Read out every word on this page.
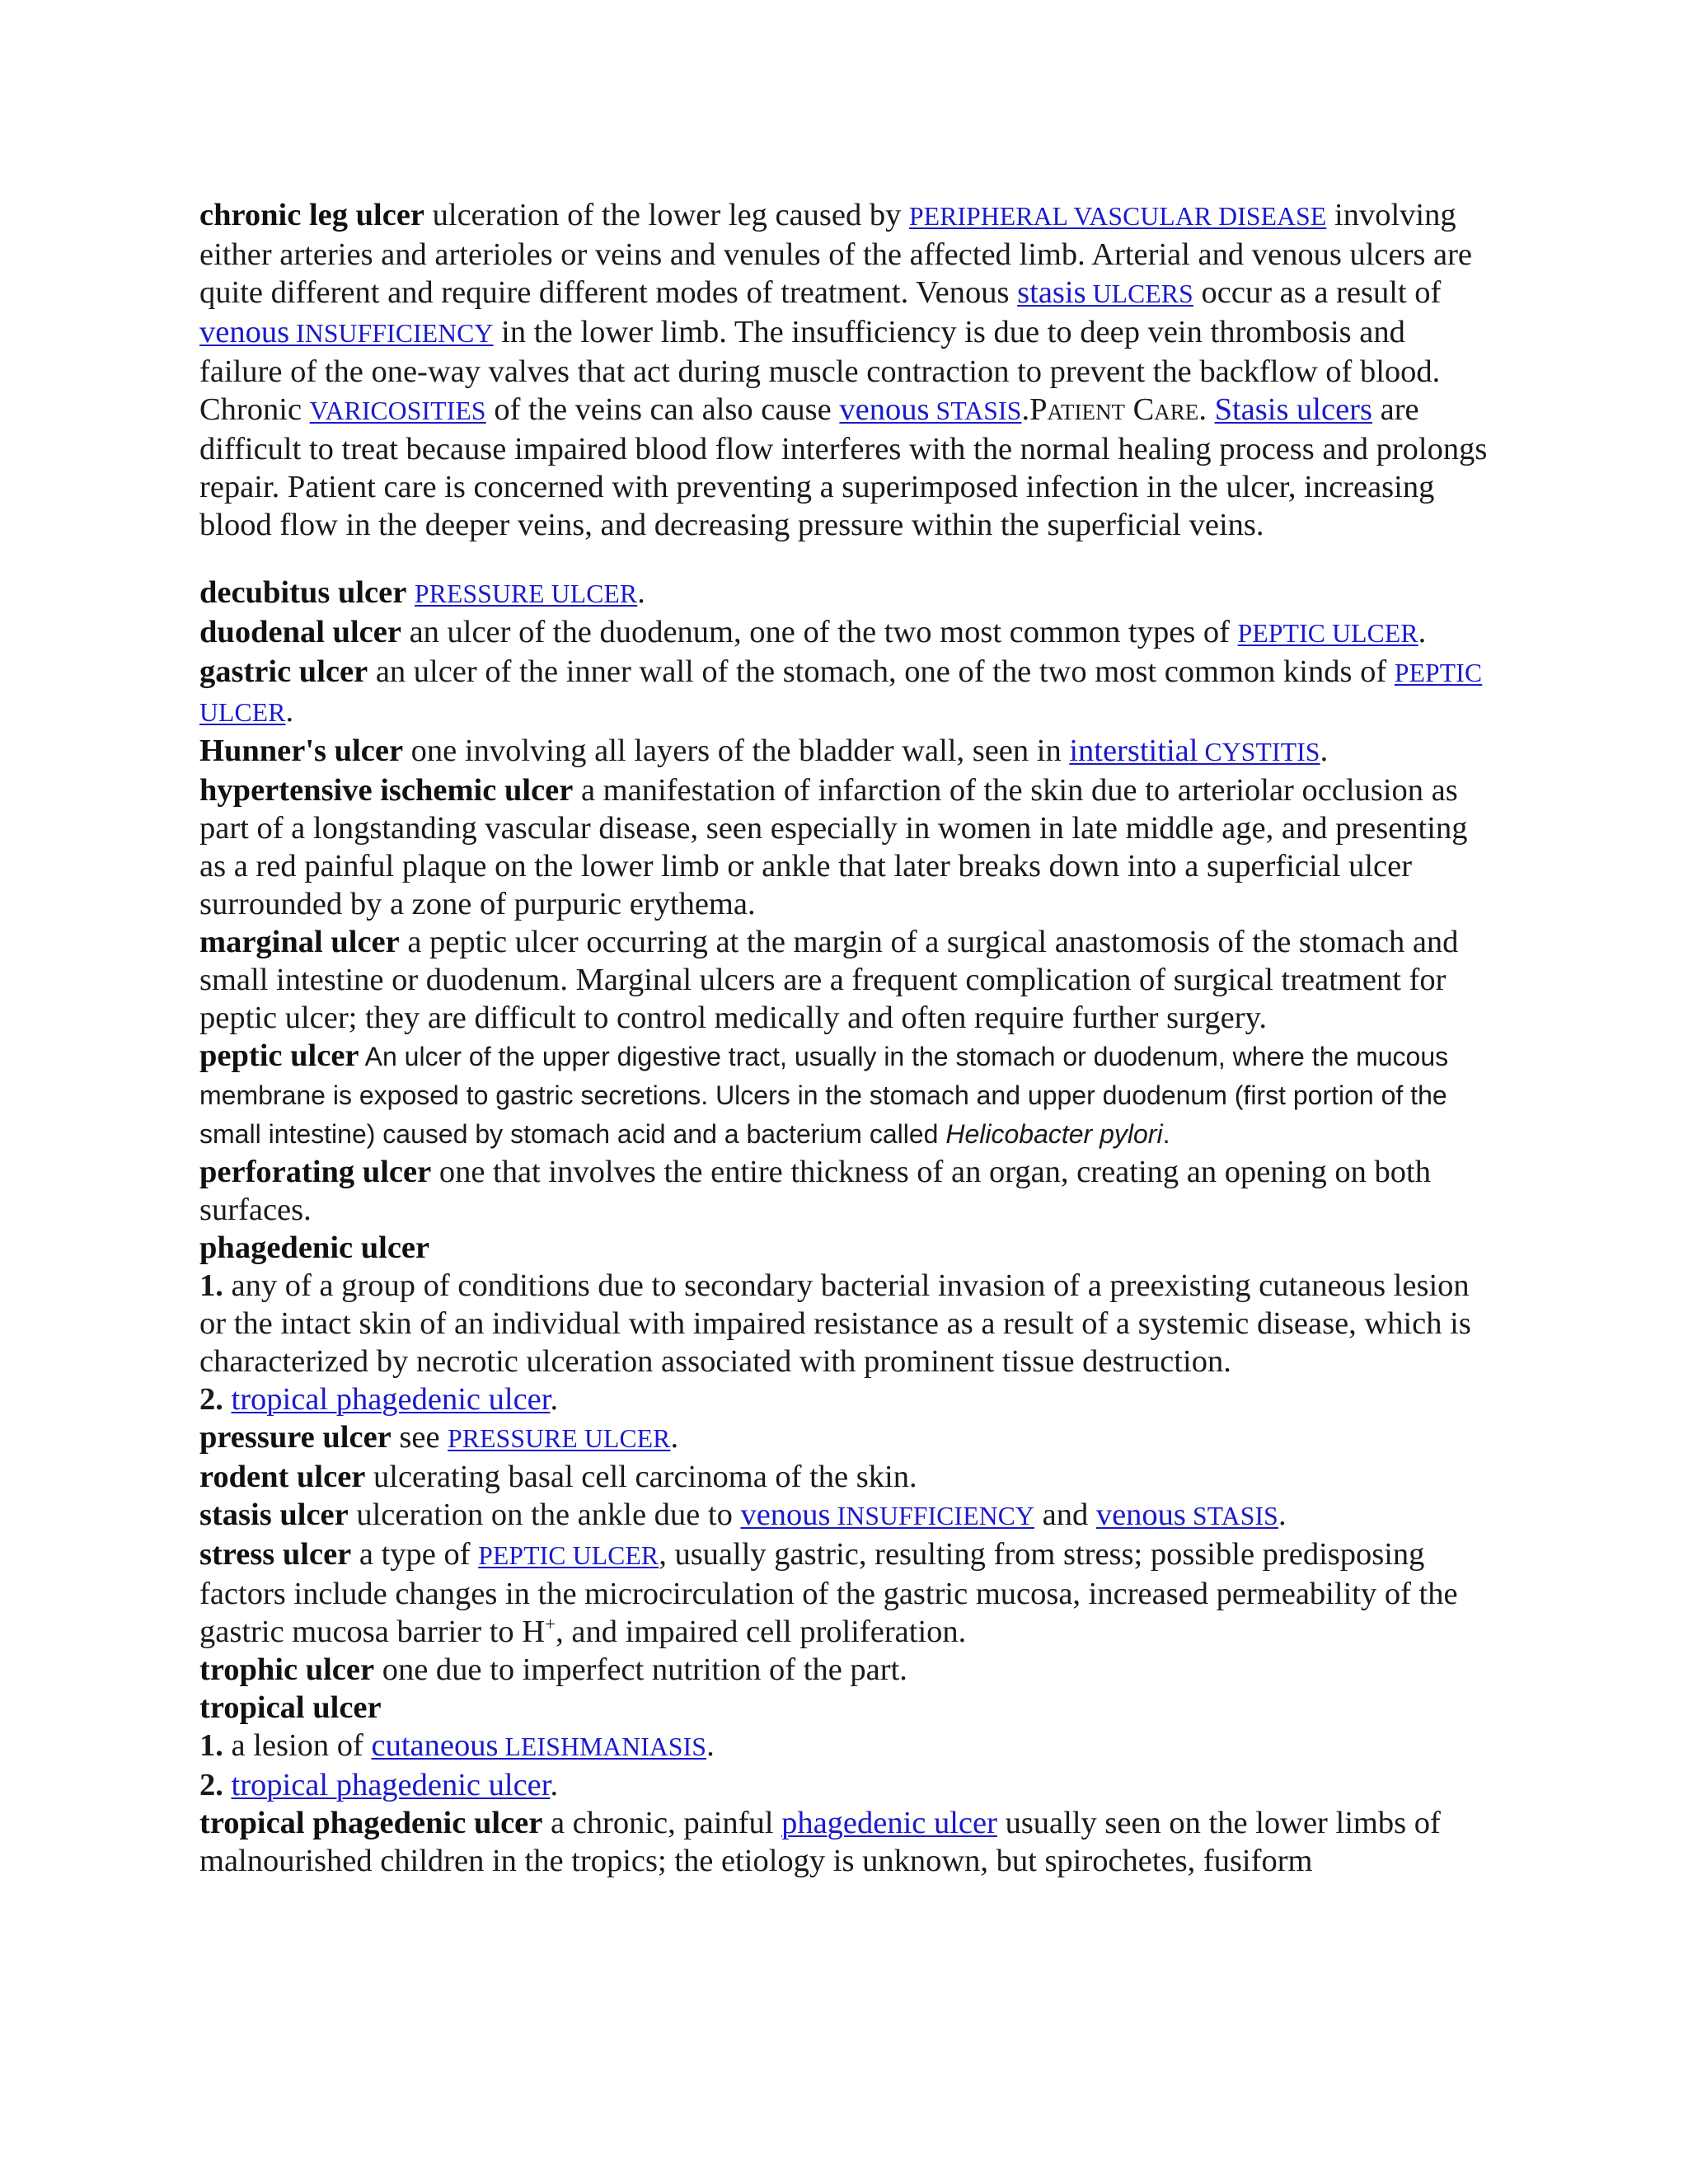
chronic leg ulcer ulceration of the lower leg caused by PERIPHERAL VASCULAR DISEASE involving either arteries and arterioles or veins and venules of the affected limb. Arterial and venous ulcers are quite different and require different modes of treatment. Venous stasis ULCERS occur as a result of venous INSUFFICIENCY in the lower limb. The insufficiency is due to deep vein thrombosis and failure of the one-way valves that act during muscle contraction to prevent the backflow of blood. Chronic VARICOSITIES of the veins can also cause venous STASIS.Patient Care. Stasis ulcers are difficult to treat because impaired blood flow interferes with the normal healing process and prolongs repair. Patient care is concerned with preventing a superimposed infection in the ulcer, increasing blood flow in the deeper veins, and decreasing pressure within the superficial veins.

decubitus ulcer PRESSURE ULCER.

duodenal ulcer an ulcer of the duodenum, one of the two most common types of PEPTIC ULCER.

gastric ulcer an ulcer of the inner wall of the stomach, one of the two most common kinds of PEPTIC ULCER.

Hunner's ulcer one involving all layers of the bladder wall, seen in interstitial CYSTITIS.

hypertensive ischemic ulcer a manifestation of infarction of the skin due to arteriolar occlusion as part of a longstanding vascular disease, seen especially in women in late middle age, and presenting as a red painful plaque on the lower limb or ankle that later breaks down into a superficial ulcer surrounded by a zone of purpuric erythema.

marginal ulcer a peptic ulcer occurring at the margin of a surgical anastomosis of the stomach and small intestine or duodenum. Marginal ulcers are a frequent complication of surgical treatment for peptic ulcer; they are difficult to control medically and often require further surgery.

peptic ulcer An ulcer of the upper digestive tract, usually in the stomach or duodenum, where the mucous membrane is exposed to gastric secretions. Ulcers in the stomach and upper duodenum (first portion of the small intestine) caused by stomach acid and a bacterium called Helicobacter pylori.

perforating ulcer one that involves the entire thickness of an organ, creating an opening on both surfaces.

phagedenic ulcer

1. any of a group of conditions due to secondary bacterial invasion of a preexisting cutaneous lesion or the intact skin of an individual with impaired resistance as a result of a systemic disease, which is characterized by necrotic ulceration associated with prominent tissue destruction.

2. tropical phagedenic ulcer.

pressure ulcer see PRESSURE ULCER.

rodent ulcer ulcerating basal cell carcinoma of the skin.

stasis ulcer ulceration on the ankle due to venous INSUFFICIENCY and venous STASIS.

stress ulcer a type of PEPTIC ULCER, usually gastric, resulting from stress; possible predisposing factors include changes in the microcirculation of the gastric mucosa, increased permeability of the gastric mucosa barrier to H+, and impaired cell proliferation.

trophic ulcer one due to imperfect nutrition of the part.

tropical ulcer

1. a lesion of cutaneous LEISHMANIASIS.

2. tropical phagedenic ulcer.

tropical phagedenic ulcer a chronic, painful phagedenic ulcer usually seen on the lower limbs of malnourished children in the tropics; the etiology is unknown, but spirochetes, fusiform
